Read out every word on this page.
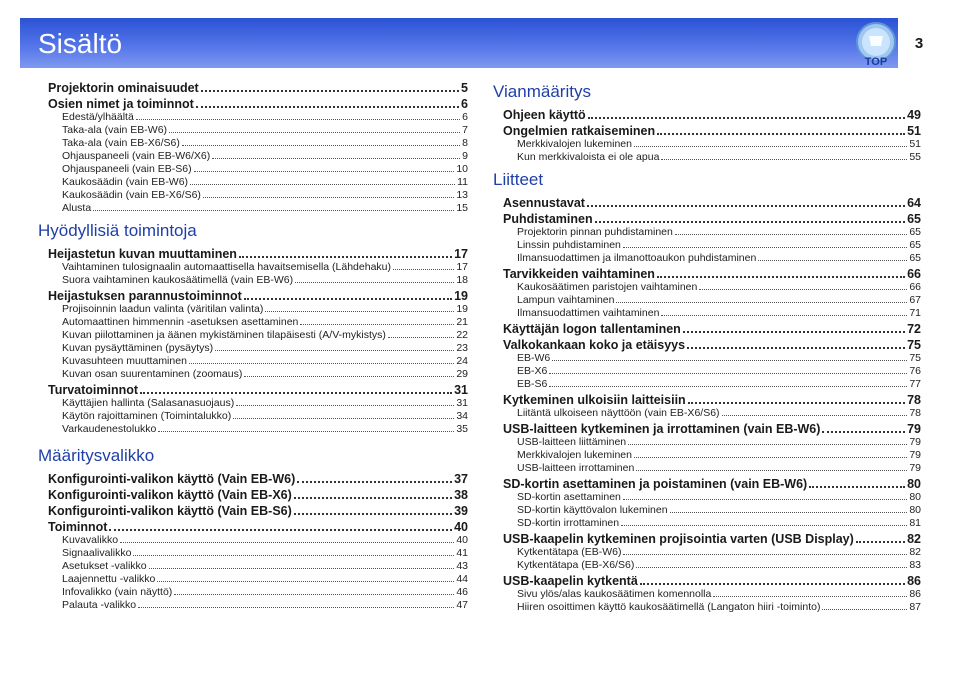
Sisältö
TOP
3
Projektorin ominaisuudet	5
Osien nimet ja toiminnot	6
Edestä/ylhäältä	6
Taka-ala (vain EB-W6)	7
Taka-ala (vain EB-X6/S6)	8
Ohjauspaneeli (vain EB-W6/X6)	9
Ohjauspaneeli (vain EB-S6)	10
Kaukosäädin (vain EB-W6)	11
Kaukosäädin (vain EB-X6/S6)	13
Alusta	15
Hyödyllisiä toimintoja
Heijastetun kuvan muuttaminen	17
Vaihtaminen tulosignaalin automaattisella havaitsemisella (Lähdehaku)	17
Suora vaihtaminen kaukosäätimellä (vain EB-W6)	18
Heijastuksen parannustoiminnot	19
Projisoinnin laadun valinta (väritilan valinta)	19
Automaattinen himmennin -asetuksen asettaminen	21
Kuvan piilottaminen ja äänen mykistäminen tilapäisesti (A/V-mykistys)	22
Kuvan pysäyttäminen (pysäytys)	23
Kuvasuhteen muuttaminen	24
Kuvan osan suurentaminen (zoomaus)	29
Turvatoiminnot	31
Käyttäjien hallinta (Salasanasuojaus)	31
Käytön rajoittaminen (Toimintalukko)	34
Varkaudenestolukko	35
Määritysvalikko
Konfigurointi-valikon käyttö (Vain EB-W6)	37
Konfigurointi-valikon käyttö (Vain EB-X6)	38
Konfigurointi-valikon käyttö (Vain EB-S6)	39
Toiminnot	40
Kuvavalikko	40
Signaalivalikko	41
Asetukset -valikko	43
Laajennettu -valikko	44
Infovalikko (vain näyttö)	46
Palauta -valikko	47
Vianmääritys
Ohjeen käyttö	49
Ongelmien ratkaiseminen	51
Merkkivalojen lukeminen	51
Kun merkkivaloista ei ole apua	55
Liitteet
Asennustavat	64
Puhdistaminen	65
Projektorin pinnan puhdistaminen	65
Linssin puhdistaminen	65
Ilmansuodattimen ja ilmanottoaukon puhdistaminen	65
Tarvikkeiden vaihtaminen	66
Kaukosäätimen paristojen vaihtaminen	66
Lampun vaihtaminen	67
Ilmansuodattimen vaihtaminen	71
Käyttäjän logon tallentaminen	72
Valkokankaan koko ja etäisyys	75
EB-W6	75
EB-X6	76
EB-S6	77
Kytkeminen ulkoisiin laitteisiin	78
Liitäntä ulkoiseen näyttöön (vain EB-X6/S6)	78
USB-laitteen kytkeminen ja irrottaminen (vain EB-W6)	79
USB-laitteen liittäminen	79
Merkkivalojen lukeminen	79
USB-laitteen irrottaminen	79
SD-kortin asettaminen ja poistaminen (vain EB-W6)	80
SD-kortin asettaminen	80
SD-kortin käyttövalon lukeminen	80
SD-kortin irrottaminen	81
USB-kaapelin kytkeminen projisointia varten (USB Display)	82
Kytkentätapa (EB-W6)	82
Kytkentätapa (EB-X6/S6)	83
USB-kaapelin kytkentä	86
Sivu ylös/alas kaukosäätimen komennolla	86
Hiiren osoittimen käyttö kaukosäätimellä (Langaton hiiri -toiminto)	87
